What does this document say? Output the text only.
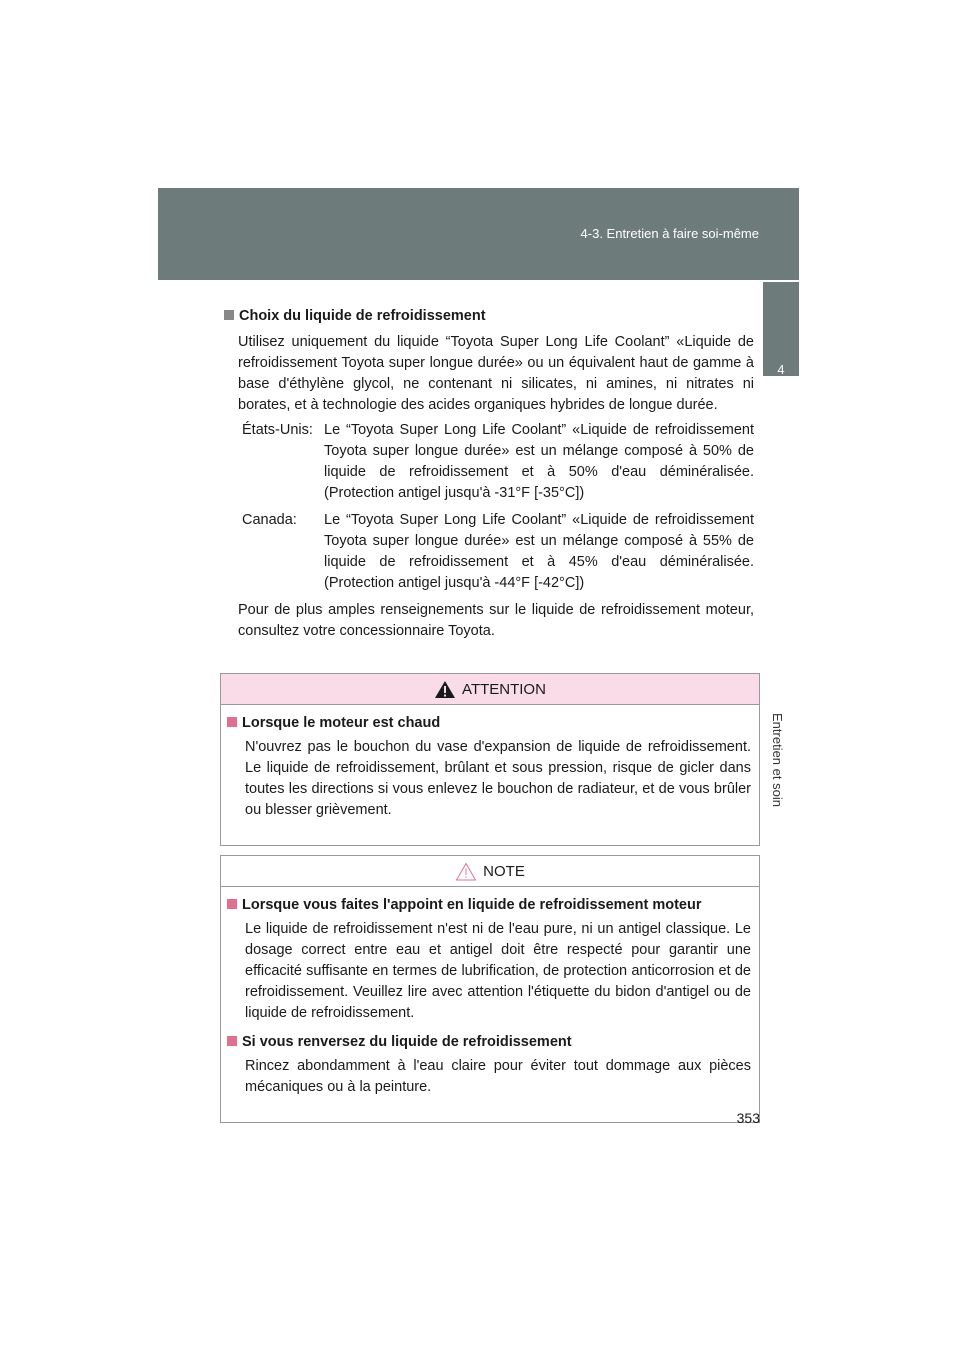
4-3. Entretien à faire soi-même
4
Entretien et soin

Choix du liquide de refroidissement

Utilisez uniquement du liquide “Toyota Super Long Life Coolant” «Liquide de refroidissement Toyota super longue durée» ou un équivalent haut de gamme à base d'éthylène glycol, ne contenant ni silicates, ni amines, ni nitrates ni borates, et à technologie des acides organiques hybrides de longue durée.

États-Unis: Le “Toyota Super Long Life Coolant” «Liquide de refroidissement Toyota super longue durée» est un mélange composé à 50% de liquide de refroidissement et à 50% d'eau déminéralisée. (Protection antigel jusqu'à -31°F [-35°C])
Canada:	Le “Toyota Super Long Life Coolant” «Liquide de refroidissement Toyota super longue durée» est un mélange composé à 55% de liquide de refroidissement et à 45% d'eau déminéralisée. (Protection antigel jusqu'à -44°F [-42°C])

Pour de plus amples renseignements sur le liquide de refroidissement moteur, consultez votre concessionnaire Toyota.

ATTENTION

Lorsque le moteur est chaud

N'ouvrez pas le bouchon du vase d'expansion de liquide de refroidissement. Le liquide de refroidissement, brûlant et sous pression, risque de gicler dans toutes les directions si vous enlevez le bouchon de radiateur, et de vous brûler ou blesser grièvement.

NOTE

Lorsque vous faites l'appoint en liquide de refroidissement moteur

Le liquide de refroidissement n'est ni de l'eau pure, ni un antigel classique. Le dosage correct entre eau et antigel doit être respecté pour garantir une efficacité suffisante en termes de lubrification, de protection anticorrosion et de refroidissement. Veuillez lire avec attention l'étiquette du bidon d'antigel ou de liquide de refroidissement.

Si vous renversez du liquide de refroidissement

Rincez abondamment à l'eau claire pour éviter tout dommage aux pièces mécaniques ou à la peinture.

353
